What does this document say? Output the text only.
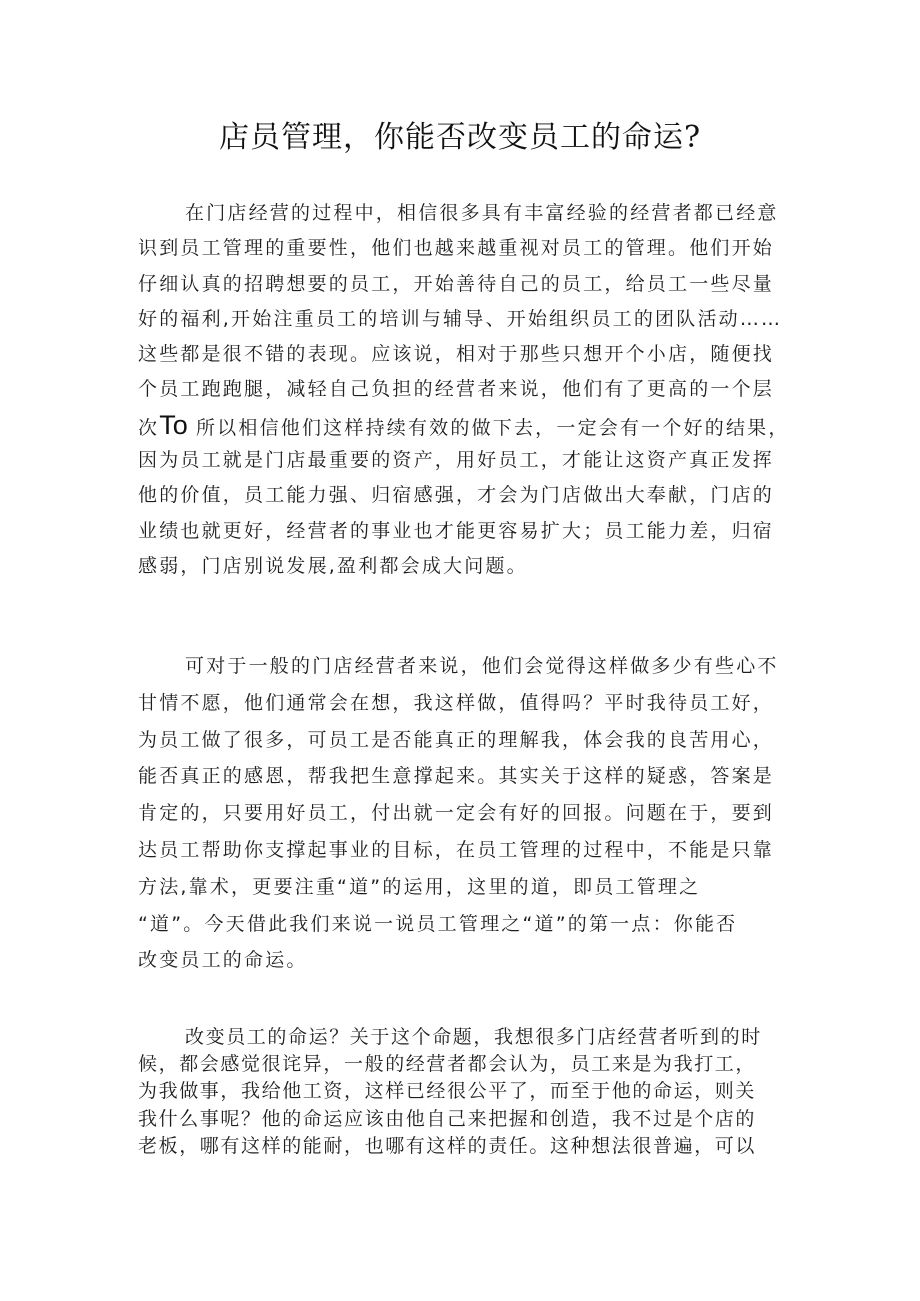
店员管理，你能否改变员工的命运?
在门店经营的过程中，相信很多具有丰富经验的经营者都已经意
识到员工管理的重要性，他们也越来越重视对员工的管理。他们开始
仔细认真的招聘想要的员工，开始善待自己的员工，给员工一些尽量
好的福利,开始注重员工的培训与辅导、开始组织员工的团队活动……
这些都是很不错的表现。应该说，相对于那些只想开个小店，随便找
个员工跑跑腿，减轻自己负担的经营者来说，他们有了更高的一个层
次To 所以相信他们这样持续有效的做下去，一定会有一个好的结果，
因为员工就是门店最重要的资产，用好员工，才能让这资产真正发挥
他的价值，员工能力强、归宿感强，才会为门店做出大奉献，门店的
业绩也就更好，经营者的事业也才能更容易扩大；员工能力差，归宿
感弱，门店别说发展,盈利都会成大问题。
可对于一般的门店经营者来说，他们会觉得这样做多少有些心不
甘情不愿，他们通常会在想，我这样做，值得吗？平时我待员工好，
为员工做了很多，可员工是否能真正的理解我，体会我的良苦用心，
能否真正的感恩，帮我把生意撑起来。其实关于这样的疑惑，答案是
肯定的，只要用好员工，付出就一定会有好的回报。问题在于，要到
达员工帮助你支撑起事业的目标，在员工管理的过程中，不能是只靠
方法,靠术，更要注重“道”的运用，这里的道，即员工管理之
“道”。今天借此我们来说一说员工管理之“道”的第一点：你能否
改变员工的命运。
改变员工的命运？关于这个命题，我想很多门店经营者听到的时
候，都会感觉很诧异，一般的经营者都会认为，员工来是为我打工，
为我做事，我给他工资，这样已经很公平了，而至于他的命运，则关
我什么事呢？他的命运应该由他自己来把握和创造，我不过是个店的
老板，哪有这样的能耐，也哪有这样的责任。这种想法很普遍，可以
